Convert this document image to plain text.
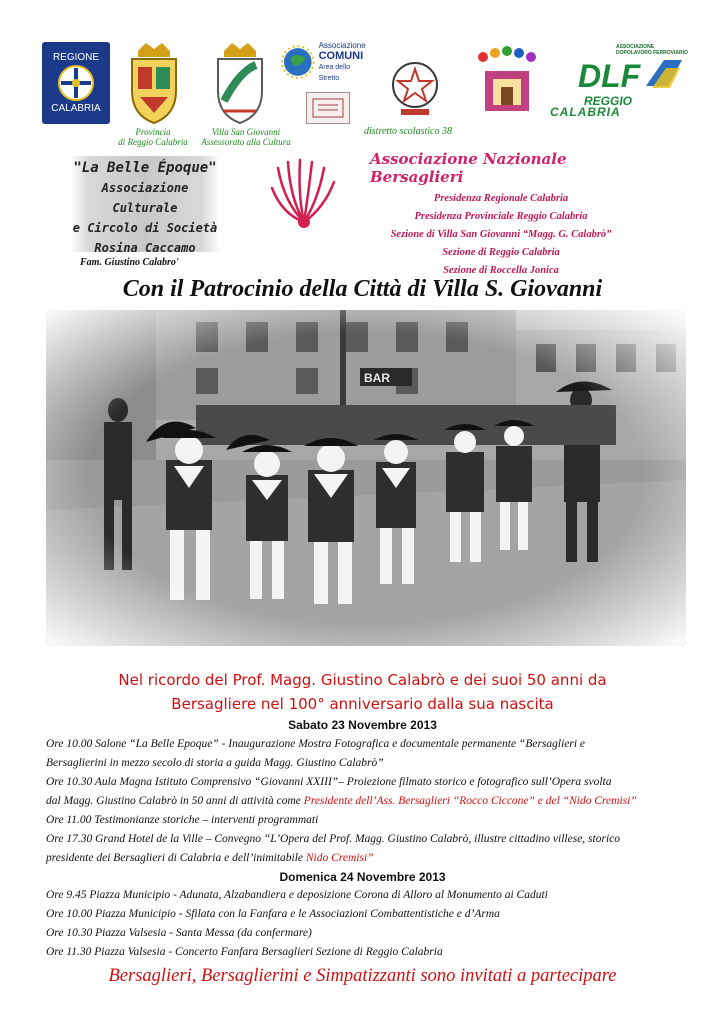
REGIONE
CALABRIA
Provincia
di Reggio Calabria
Villa San Giovanni
Assessorato alla Cultura
Associazione
COMUNI
Area dello Stretto
distretto scolastico 38
ASSOCIAZIONE DOPOLAVORO FERROVIARIO
DLF
REGGIO
CALABRIA
"La Belle Époque"
Associazione Culturale
e Circolo di Società
Rosina Caccamo
Fam. Giustino Calabro'
Associazione Nazionale Bersaglieri
Presidenza Regionale Calabria
Presidenza Provinciale Reggio Calabria
Sezione di Villa San Giovanni “Magg. G. Calabrò”
Sezione di Reggio Calabria
Sezione di Roccella Jonica
Con il Patrocinio della Città di Villa S. Giovanni
Nel ricordo del Prof. Magg. Giustino Calabrò e dei suoi 50 anni da
Bersagliere nel 100° anniversario dalla sua nascita
Sabato 23 Novembre 2013
Ore 10.00 Salone “La Belle Epoque” - Inaugurazione Mostra Fotografica e documentale permanente “Bersaglieri e
Bersaglierini in mezzo secolo di storia a guida Magg. Giustino Calabrò”
Ore 10.30 Aula Magna Istituto Comprensivo “Giovanni XXIII”– Proiezione filmato storico e fotografico sull’Opera svolta
dal Magg. Giustino Calabrò in 50 anni di attività come Presidente dell’Ass. Bersaglieri “Rocco Ciccone” e del “Nido Cremisi”
Ore 11.00 Testimonianze storiche – interventi programmati
Ore 17.30 Grand Hotel de la Ville – Convegno “L’Opera del Prof. Magg. Giustino Calabrò, illustre cittadino villese, storico
presidente dei Bersaglieri di Calabria e dell’inimitabile Nido Cremisi”
Domenica 24 Novembre 2013
Ore 9.45 Piazza Municipio - Adunata, Alzabandiera e deposizione Corona di Alloro al Monumento ai Caduti
Ore 10.00 Piazza Municipio - Sfilata con la Fanfara e le Associazioni Combattentistiche e d’Arma
Ore 10.30 Piazza Valsesia - Santa Messa (da confermare)
Ore 11.30 Piazza Valsesia - Concerto Fanfara Bersaglieri Sezione di Reggio Calabria
Bersaglieri, Bersaglierini e Simpatizzanti sono invitati a partecipare
